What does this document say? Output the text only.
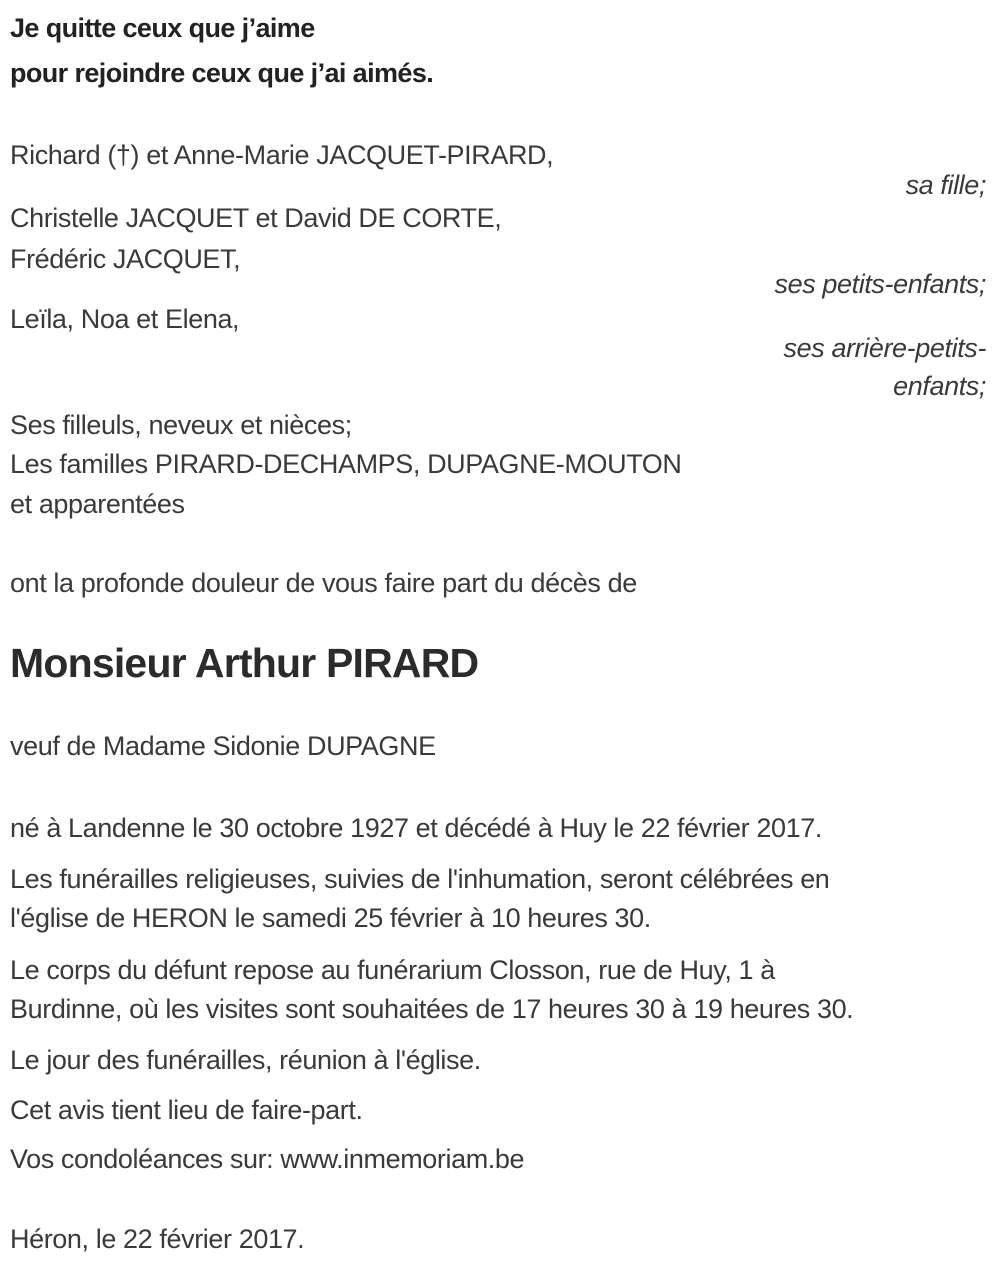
Je quitte ceux que j’aime
pour rejoindre ceux que j’ai aimés.
Richard (†) et Anne-Marie JACQUET-PIRARD,
sa fille;
Christelle JACQUET et David DE CORTE,
Frédéric JACQUET,
ses petits-enfants;
Leïla, Noa et Elena,
ses arrière-petits-
enfants;
Ses filleuls, neveux et nièces;
Les familles PIRARD-DECHAMPS, DUPAGNE-MOUTON
et apparentées
ont la profonde douleur de vous faire part du décès de
Monsieur Arthur PIRARD
veuf de Madame Sidonie DUPAGNE
né à Landenne le 30 octobre 1927 et décédé à Huy le 22 février 2017.
Les funérailles religieuses, suivies de l'inhumation, seront célébrées en
l'église de HERON le samedi 25 février à 10 heures 30.
Le corps du défunt repose au funérarium Closson, rue de Huy, 1 à
Burdinne, où les visites sont souhaitées de 17 heures 30 à 19 heures 30.
Le jour des funérailles, réunion à l'église.
Cet avis tient lieu de faire-part.
Vos condoléances sur: www.inmemoriam.be
Héron, le 22 février 2017.
